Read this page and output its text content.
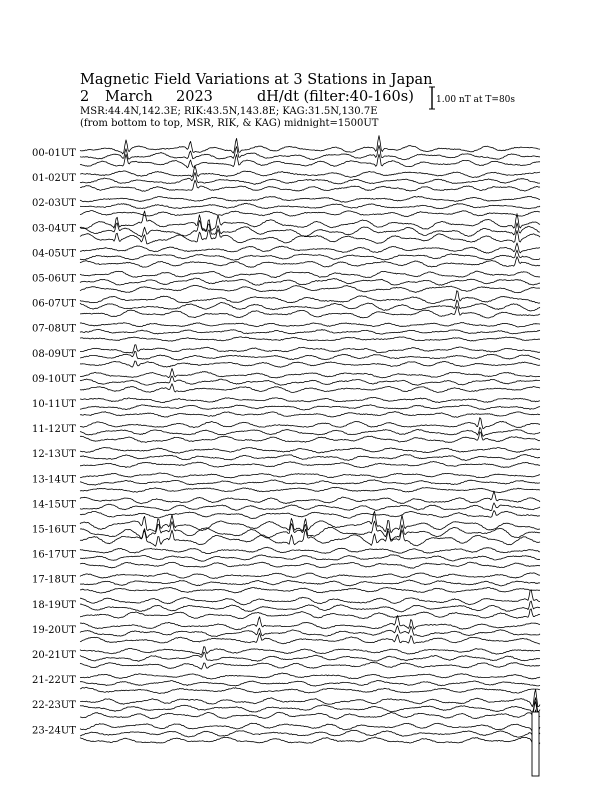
Magnetic Field Variations at 3 Stations in Japan
2 March 2023	dH/dt (filter:40-160s)
MSR:44.4N,142.3E; RIK:43.5N,143.8E; KAG:31.5N,130.7E
(from bottom to top, MSR, RIK, & KAG) midnight=1500UT
1.00 nT at T=80s
00-01UT
01-02UT
02-03UT
03-04UT
04-05UT
05-06UT
06-07UT
07-08UT
08-09UT
09-10UT
10-11UT
11-12UT
12-13UT
13-14UT
14-15UT
15-16UT
16-17UT
17-18UT
18-19UT
19-20UT
20-21UT
21-22UT
22-23UT
23-24UT
